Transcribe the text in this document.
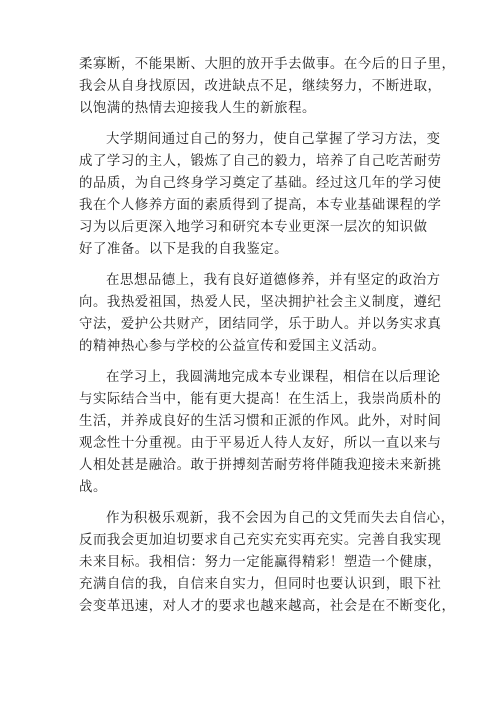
柔寡断，不能果断、大胆的放开手去做事。在今后的日子里，
我会从自身找原因，改进缺点不足，继续努力，不断进取，
以饱满的热情去迎接我人生的新旅程。

大学期间通过自己的努力，使自己掌握了学习方法，变
成了学习的主人，锻炼了自己的毅力，培养了自己吃苦耐劳
的品质，为自己终身学习奠定了基础。经过这几年的学习使
我在个人修养方面的素质得到了提高，本专业基础课程的学
习为以后更深入地学习和研究本专业更深一层次的知识做
好了准备。以下是我的自我鉴定。

在思想品德上，我有良好道德修养，并有坚定的政治方
向。我热爱祖国，热爱人民，坚决拥护社会主义制度，遵纪
守法，爱护公共财产，团结同学，乐于助人。并以务实求真
的精神热心参与学校的公益宣传和爱国主义活动。

在学习上，我圆满地完成本专业课程，相信在以后理论
与实际结合当中，能有更大提高！在生活上，我崇尚质朴的
生活，并养成良好的生活习惯和正派的作风。此外，对时间
观念性十分重视。由于平易近人待人友好，所以一直以来与
人相处甚是融洽。敢于拼搏刻苦耐劳将伴随我迎接未来新挑
战。

作为积极乐观新，我不会因为自己的文凭而失去自信心，
反而我会更加迫切要求自己充实充实再充实。完善自我实现
未来目标。我相信：努力一定能赢得精彩！塑造一个健康，
充满自信的我，自信来自实力，但同时也要认识到，眼下社
会变革迅速，对人才的要求也越来越高，社会是在不断变化，
